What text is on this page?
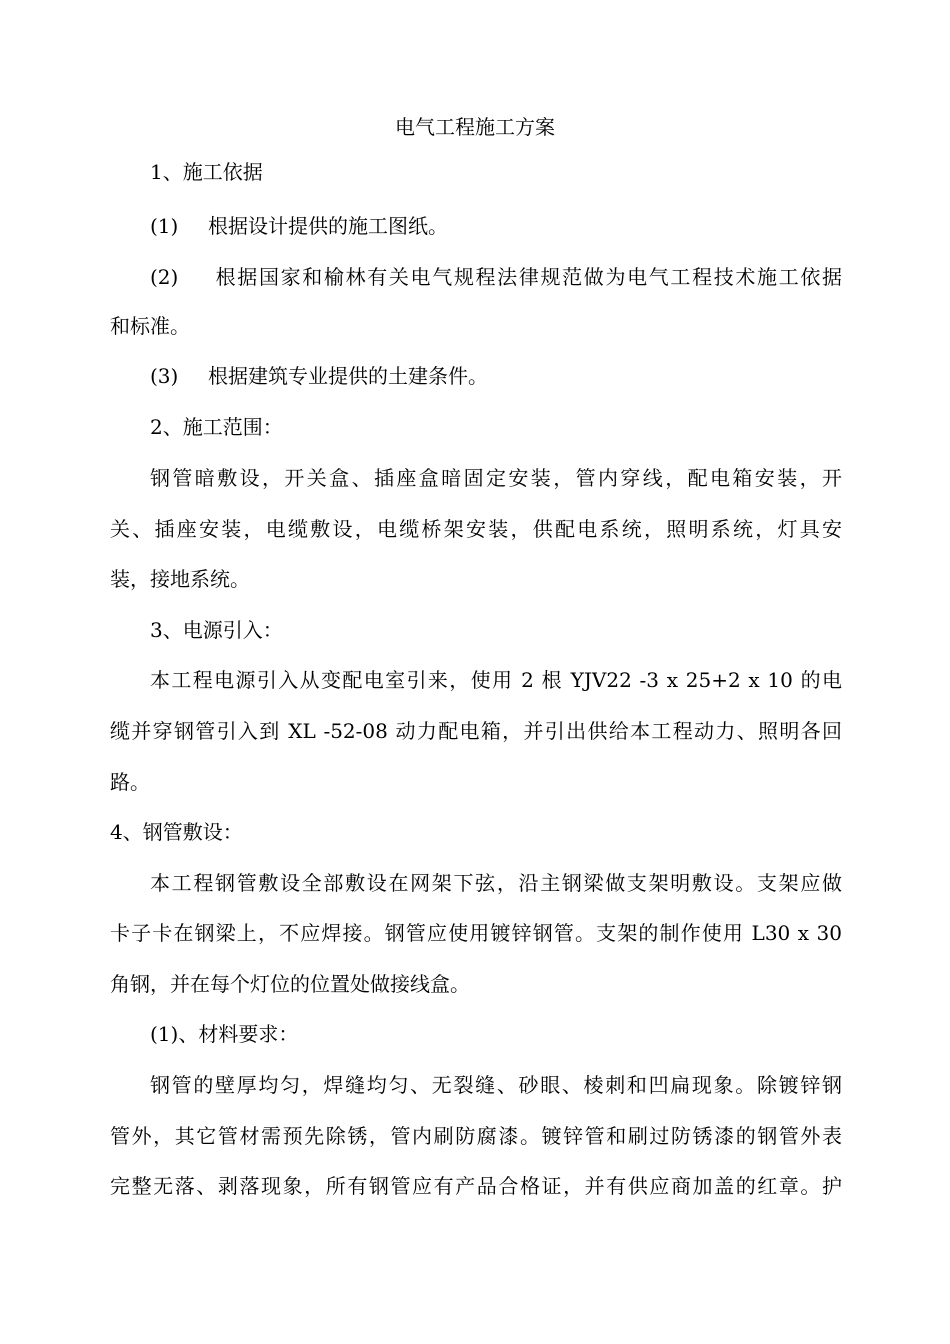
电气工程施工方案
1、施工依据
(1) 根据设计提供的施工图纸。
(2) 根据国家和榆林有关电气规程法律规范做为电气工程技术施工依据
和标准。
(3) 根据建筑专业提供的土建条件。
2、施工范围：
钢管暗敷设，开关盒、插座盒暗固定安装，管内穿线，配电箱安装，开
关、插座安装，电缆敷设，电缆桥架安装，供配电系统，照明系统，灯具安
装，接地系统。
3、电源引入：
本工程电源引入从变配电室引来，使用 2 根 YJV22 -3 x 25+2 x 10 的电
缆并穿钢管引入到 XL -52-08 动力配电箱，并引出供给本工程动力、照明各回
路。
4、钢管敷设：
本工程钢管敷设全部敷设在网架下弦，沿主钢梁做支架明敷设。支架应做
卡子卡在钢梁上，不应焊接。钢管应使用镀锌钢管。支架的制作使用 L30 x 30
角钢，并在每个灯位的位置处做接线盒。
(1)、材料要求：
钢管的壁厚均匀，焊缝均匀、无裂缝、砂眼、棱刺和凹扁现象。除镀锌钢
管外，其它管材需预先除锈，管内刷防腐漆。镀锌管和刷过防锈漆的钢管外表
完整无落、剥落现象，所有钢管应有产品合格证，并有供应商加盖的红章。护
